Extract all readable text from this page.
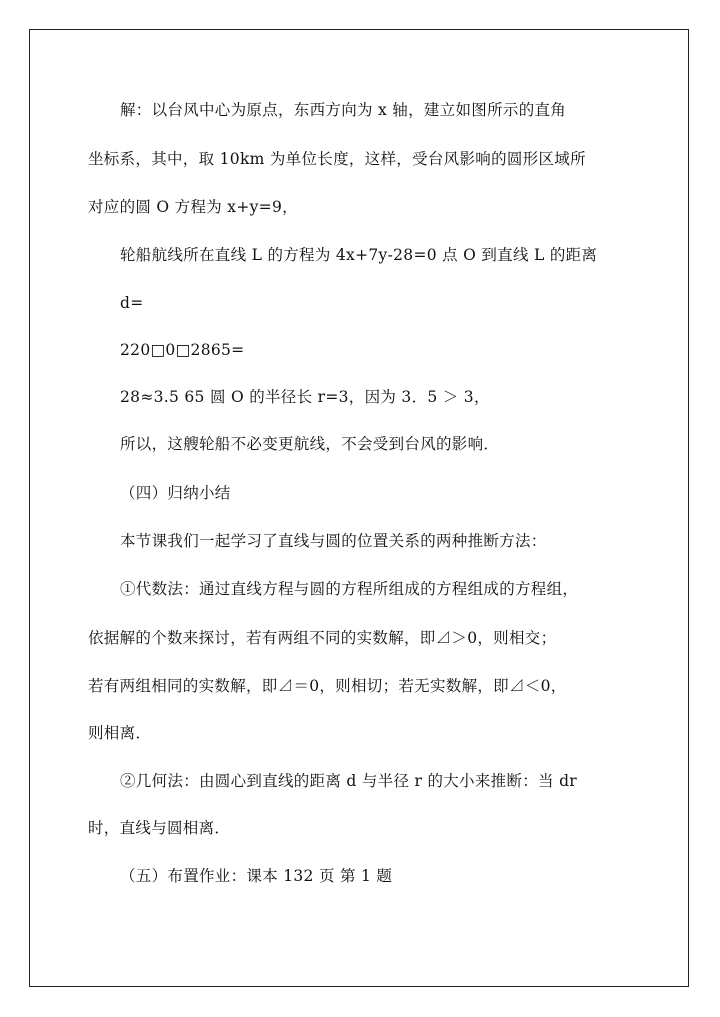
解：以台风中心为原点，东西方向为 x 轴，建立如图所示的直角
坐标系，其中，取 10km 为单位长度，这样，受台风影响的圆形区域所
对应的圆 O 方程为 x+y=9，
轮船航线所在直线 L 的方程为 4x+7y-28=0 点 O 到直线 L 的距离
d=
220□0□2865=
28≈3.5 65 圆 O 的半径长 r=3，因为 3．5 ＞ 3，
所以，这艘轮船不必变更航线，不会受到台风的影响．
（四）归纳小结
本节课我们一起学习了直线与圆的位置关系的两种推断方法：
①代数法：通过直线方程与圆的方程所组成的方程组成的方程组，
依据解的个数来探讨，若有两组不同的实数解，即⊿＞0，则相交；
若有两组相同的实数解，即⊿＝0，则相切；若无实数解，即⊿＜0，
则相离．
②几何法：由圆心到直线的距离 d 与半径 r 的大小来推断：当 dr
时，直线与圆相离．
（五）布置作业：课本 132 页 第 1 题
